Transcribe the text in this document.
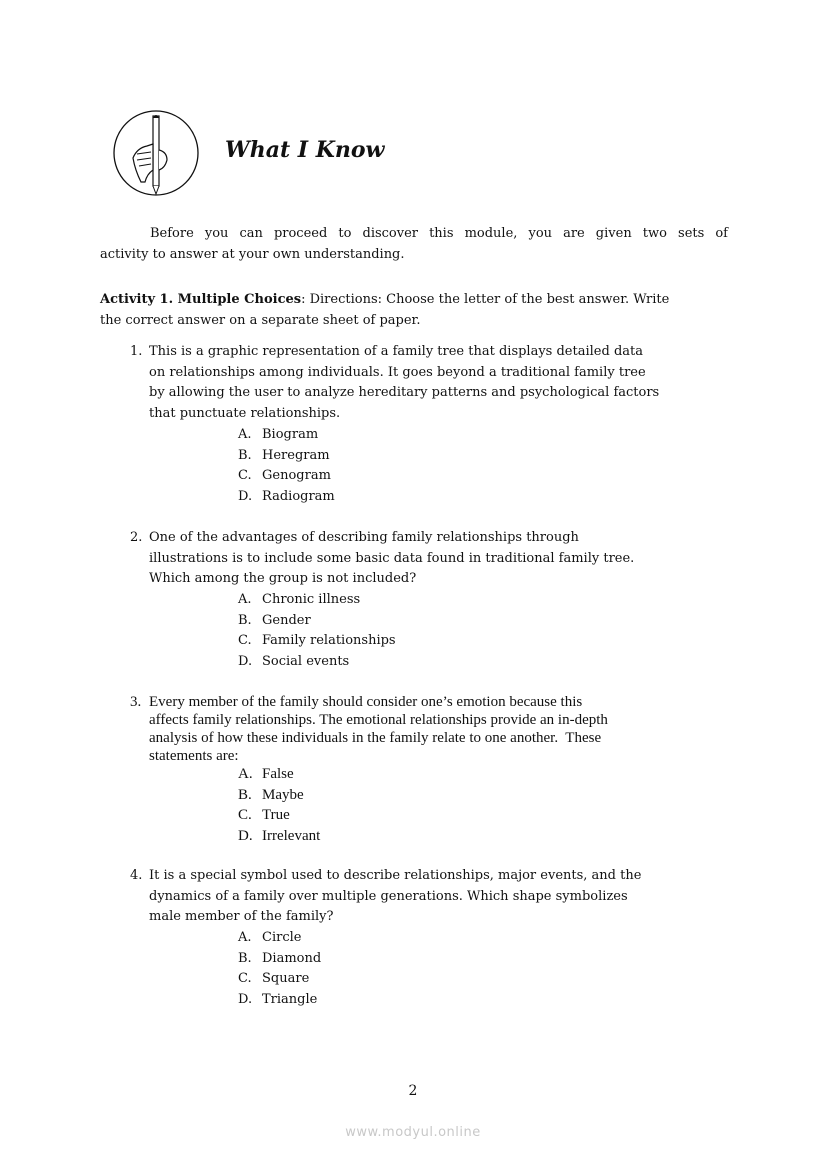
What I Know
Before you can proceed to discover this module, you are given two sets of
activity to answer at your own understanding.
Activity 1. Multiple Choices: Directions: Choose the letter of the best answer. Write
the correct answer on a separate sheet of paper.
1. This is a graphic representation of a family tree that displays detailed data
on relationships among individuals. It goes beyond a traditional family tree
by allowing the user to analyze hereditary patterns and psychological factors
that punctuate relationships.
A. Biogram
B. Heregram
C. Genogram
D. Radiogram
2. One of the advantages of describing family relationships through
illustrations is to include some basic data found in traditional family tree.
Which among the group is not included?
A. Chronic illness
B. Gender
C. Family relationships
D. Social events
3. Every member of the family should consider one’s emotion because this
affects family relationships. The emotional relationships provide an in-depth
analysis of how these individuals in the family relate to one another.  These
statements are:
A. False
B. Maybe
C. True
D. Irrelevant
4. It is a special symbol used to describe relationships, major events, and the
dynamics of a family over multiple generations. Which shape symbolizes
male member of the family?
A. Circle
B. Diamond
C. Square
D. Triangle
2
www.modyul.online
